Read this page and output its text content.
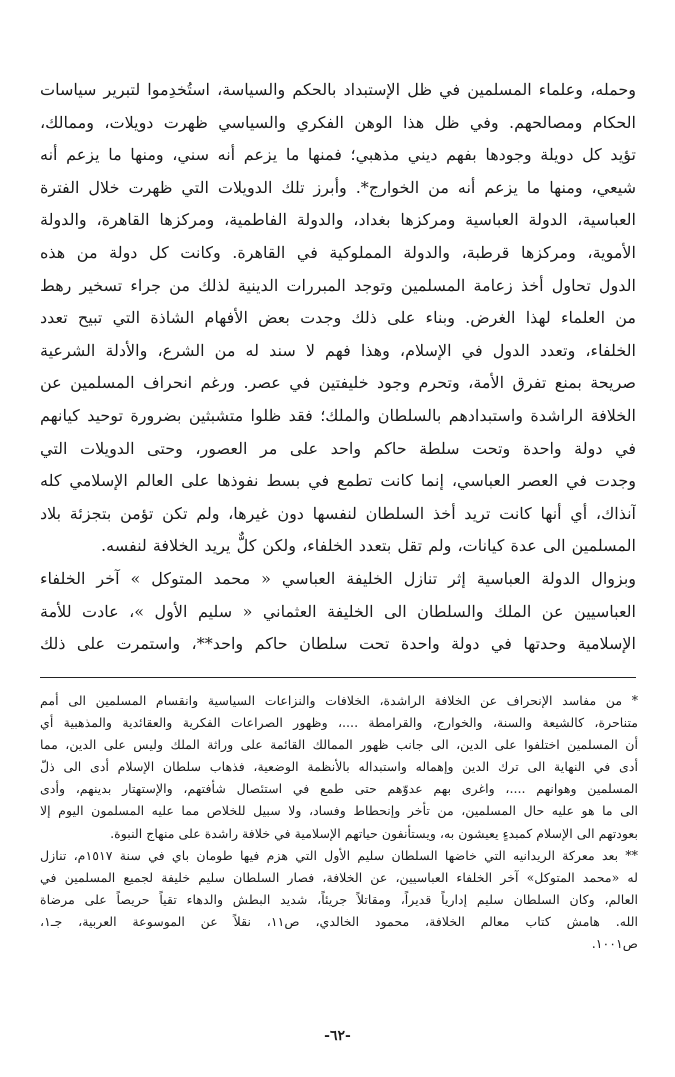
وحمله، وعلماء المسلمين في ظل الإستبداد بالحكم والسياسة، استُخدِموا لتبرير سياسات
الحكام ومصالحهم. وفي ظل هذا الوهن الفكري والسياسي ظهرت دويلات، وممالك،
تؤيد كل دويلة وجودها بفهم ديني مذهبي؛ فمنها ما يزعم أنه سني، ومنها ما يزعم أنه
شيعي، ومنها ما يزعم أنه من الخوارج*. وأبرز تلك الدويلات التي ظهرت خلال الفترة
العباسية، الدولة العباسية ومركزها بغداد، والدولة الفاطمية، ومركزها القاهرة، والدولة
الأموية، ومركزها قرطبة، والدولة المملوكية في القاهرة. وكانت كل دولة من هذه
الدول تحاول أخذ زعامة المسلمين وتوجد المبررات الدينية لذلك من جراء تسخير رهط
من العلماء لهذا الغرض. وبناء على ذلك وجدت بعض الأفهام الشاذة التي تبيح تعدد
الخلفاء، وتعدد الدول في الإسلام، وهذا فهم لا سند له من الشرع، والأدلة الشرعية
صريحة بمنع تفرق الأمة، وتحرم وجود خليفتين في عصر. ورغم انحراف المسلمين عن
الخلافة الراشدة واستبدادهم بالسلطان والملك؛ فقد ظلوا متشبثين بضرورة توحيد كيانهم
في دولة واحدة وتحت سلطة حاكم واحد على مر العصور، وحتى الدويلات التي
وجدت في العصر العباسي، إنما كانت تطمع في بسط نفوذها على العالم الإسلامي كله
آنذاك، أي أنها كانت تريد أخذ السلطان لنفسها دون غيرها، ولم تكن تؤمن بتجزئة بلاد
المسلمين الى عدة كيانات، ولم تقل بتعدد الخلفاء، ولكن كلٌّ يريد الخلافة لنفسه.
وبزوال الدولة العباسية إثر تنازل الخليفة العباسي « محمد المتوكل » آخر الخلفاء
العباسيين عن الملك والسلطان الى الخليفة العثماني « سليم الأول »، عادت للأمة
الإسلامية وحدتها في دولة واحدة تحت سلطان حاكم واحد**، واستمرت على ذلك
* من مفاسد الإنحراف عن الخلافة الراشدة، الخلافات والنزاعات السياسية وانقسام المسلمين الى أمم
متناحرة، كالشيعة والسنة، والخوارج، والقرامطة ....، وظهور الصراعات الفكرية والعقائدية والمذهبية أي
أن المسلمين اختلفوا على الدين، الى جانب ظهور الممالك القائمة على وراثة الملك وليس على الدين، مما
أدى في النهاية الى ترك الدين وإهماله واستبداله بالأنظمة الوضعية، فذهاب سلطان الإسلام أدى الى ذلّ
المسلمين وهوانهم ....، واغرى بهم عدوّهم حتى طمع في استئصال شأفتهم، والإستهتار بدينهم، وأدى
الى ما هو عليه حال المسلمين، من تأخر وإنحطاط وفساد، ولا سبيل للخلاص مما عليه المسلمون اليوم إلا
بعودتهم الى الإسلام كمبدءٍ يعيشون به، ويستأنفون حياتهم الإسلامية في خلافة راشدة على منهاج النبوة.
** بعد معركة الريدانيه التي خاضها السلطان سليم الأول التي هزم فيها طومان باي في سنة ١٥١٧م، تنازل
له «محمد المتوكل» آخر الخلفاء العباسيين، عن الخلافة، فصار السلطان سليم خليفة لجميع المسلمين في
العالم، وكان السلطان سليم إدارياً قديراً، ومقاتلاً جريئاً، شديد البطش والدهاء تقياً حريصاً على مرضاة
الله. هامش كتاب معالم الخلافة، محمود الخالدي، ص١١، نقلاً عن الموسوعة العربية، جـ١،
ص١٠٠١.
-٦٢-
